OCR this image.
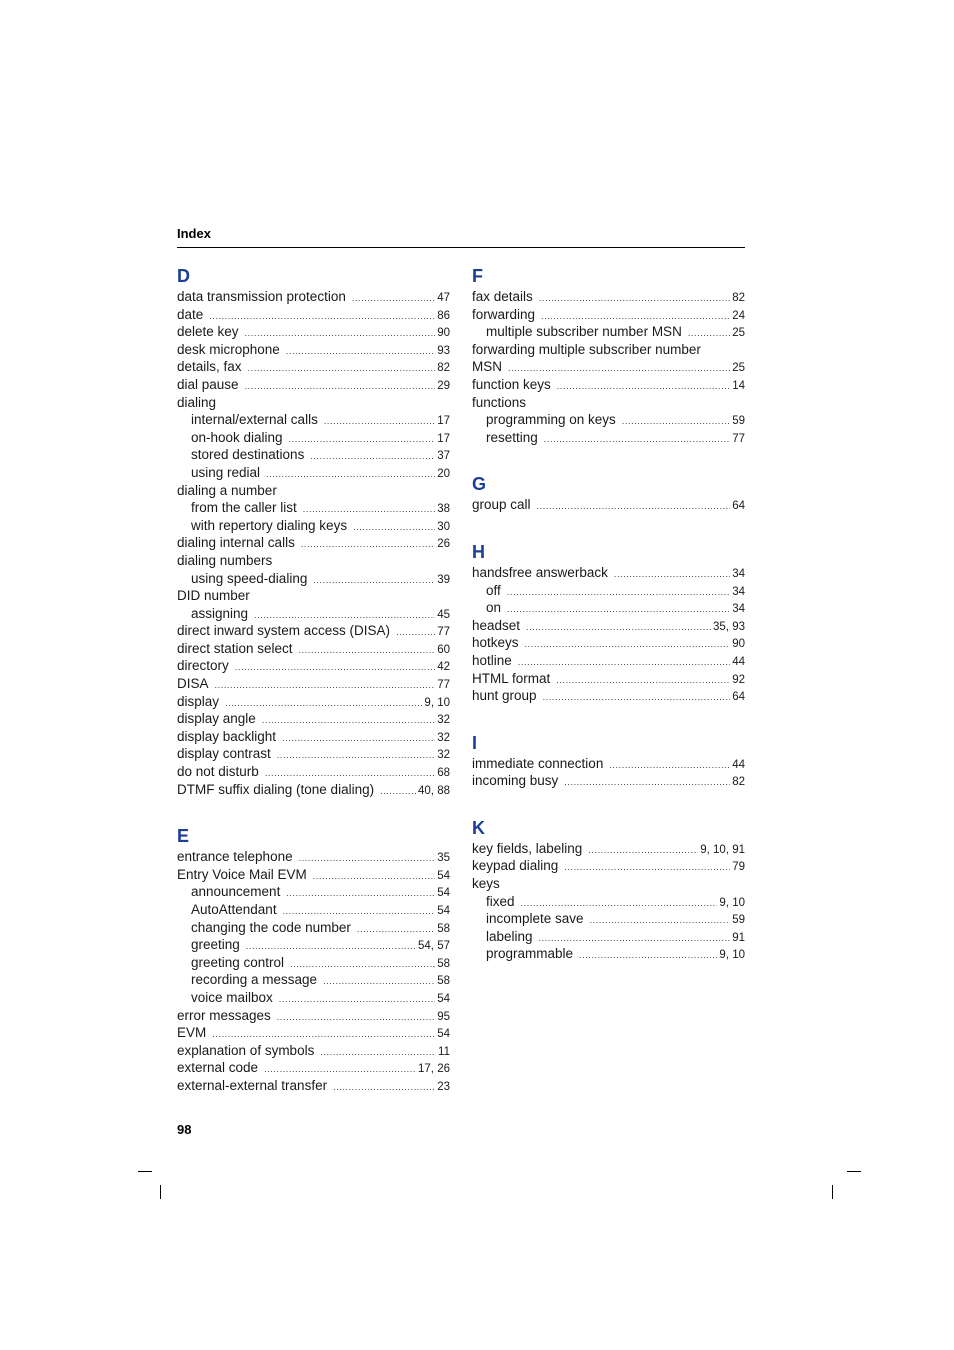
Index
D
data transmission protection .....	47
date .....	86
delete key .....	90
desk microphone .....	93
details, fax .....	82
dial pause .....	29
dialing
internal/external calls .....	17
on-hook dialing .....	17
stored destinations .....	37
using redial .....	20
dialing a number
from the caller list .....	38
with repertory dialing keys .....	30
dialing internal calls .....	26
dialing numbers
using speed-dialing .....	39
DID number
assigning .....	45
direct inward system access (DISA) .....	77
direct station select .....	60
directory .....	42
DISA .....	77
display .....	9, 10
display angle .....	32
display backlight .....	32
display contrast .....	32
do not disturb .....	68
DTMF suffix dialing (tone dialing) .....	40, 88
E
entrance telephone .....	35
Entry Voice Mail EVM .....	54
announcement .....	54
AutoAttendant .....	54
changing the code number .....	58
greeting .....	54, 57
greeting control .....	58
recording a message .....	58
voice mailbox .....	54
error messages .....	95
EVM .....	54
explanation of symbols .....	11
external code .....	17, 26
external-external transfer .....	23
F
fax details .....	82
forwarding .....	24
multiple subscriber number MSN .....	25
forwarding multiple subscriber number
MSN .....	25
function keys .....	14
functions
programming on keys .....	59
resetting .....	77
G
group call .....	64
H
handsfree answerback .....	34
off .....	34
on .....	34
headset .....	35, 93
hotkeys .....	90
hotline .....	44
HTML format .....	92
hunt group .....	64
I
immediate connection .....	44
incoming busy .....	82
K
key fields, labeling .....	9, 10, 91
keypad dialing .....	79
keys
fixed .....	9, 10
incomplete save .....	59
labeling .....	91
programmable .....	9, 10
98
